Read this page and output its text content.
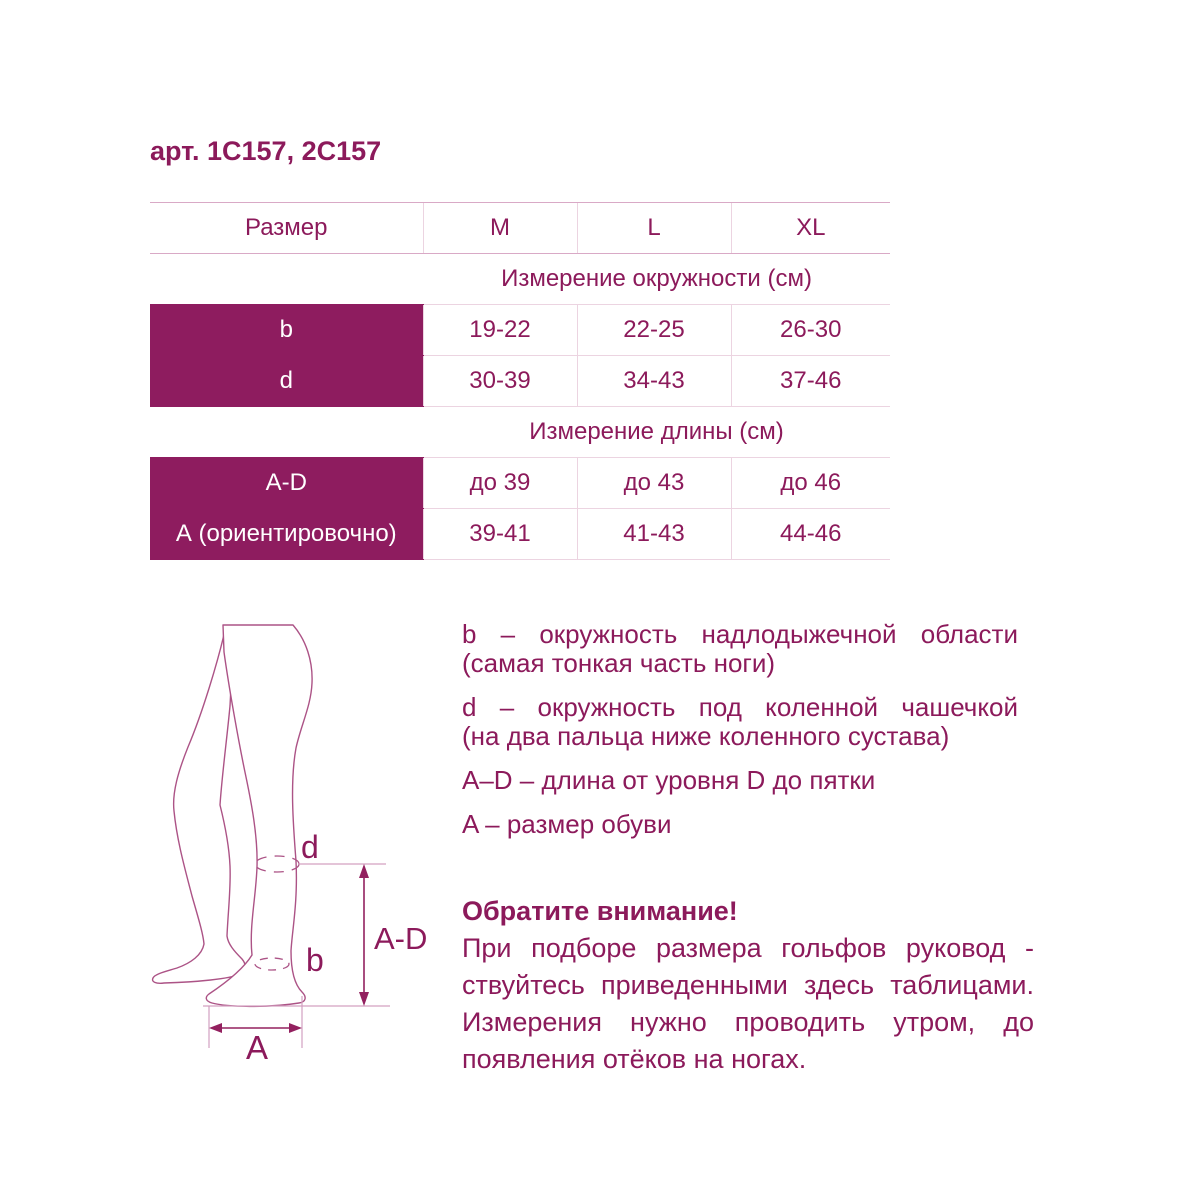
арт. 1C157, 2C157
Размер	M	L	XL
Измерение окружности (см)			
b	19-22	22-25	26-30
d	30-39	34-43	37-46
Измерение длины (см)			
A-D	до 39	до 43	до 46
А (ориентировочно)	39-41	41-43	44-46
d
b
A-D
A

b – окружность надлодыжечной области
(самая тонкая часть ноги)

d – окружность под коленной чашечкой
(на два пальца ниже коленного сустава)

A–D – длина от уровня D до пятки

A – размер обуви

Обратите внимание!
При подборе размера гольфов руковод -
ствуйтесь приведенными здесь таблицами.
Измерения нужно проводить утром, до
появления отёков на ногах.
